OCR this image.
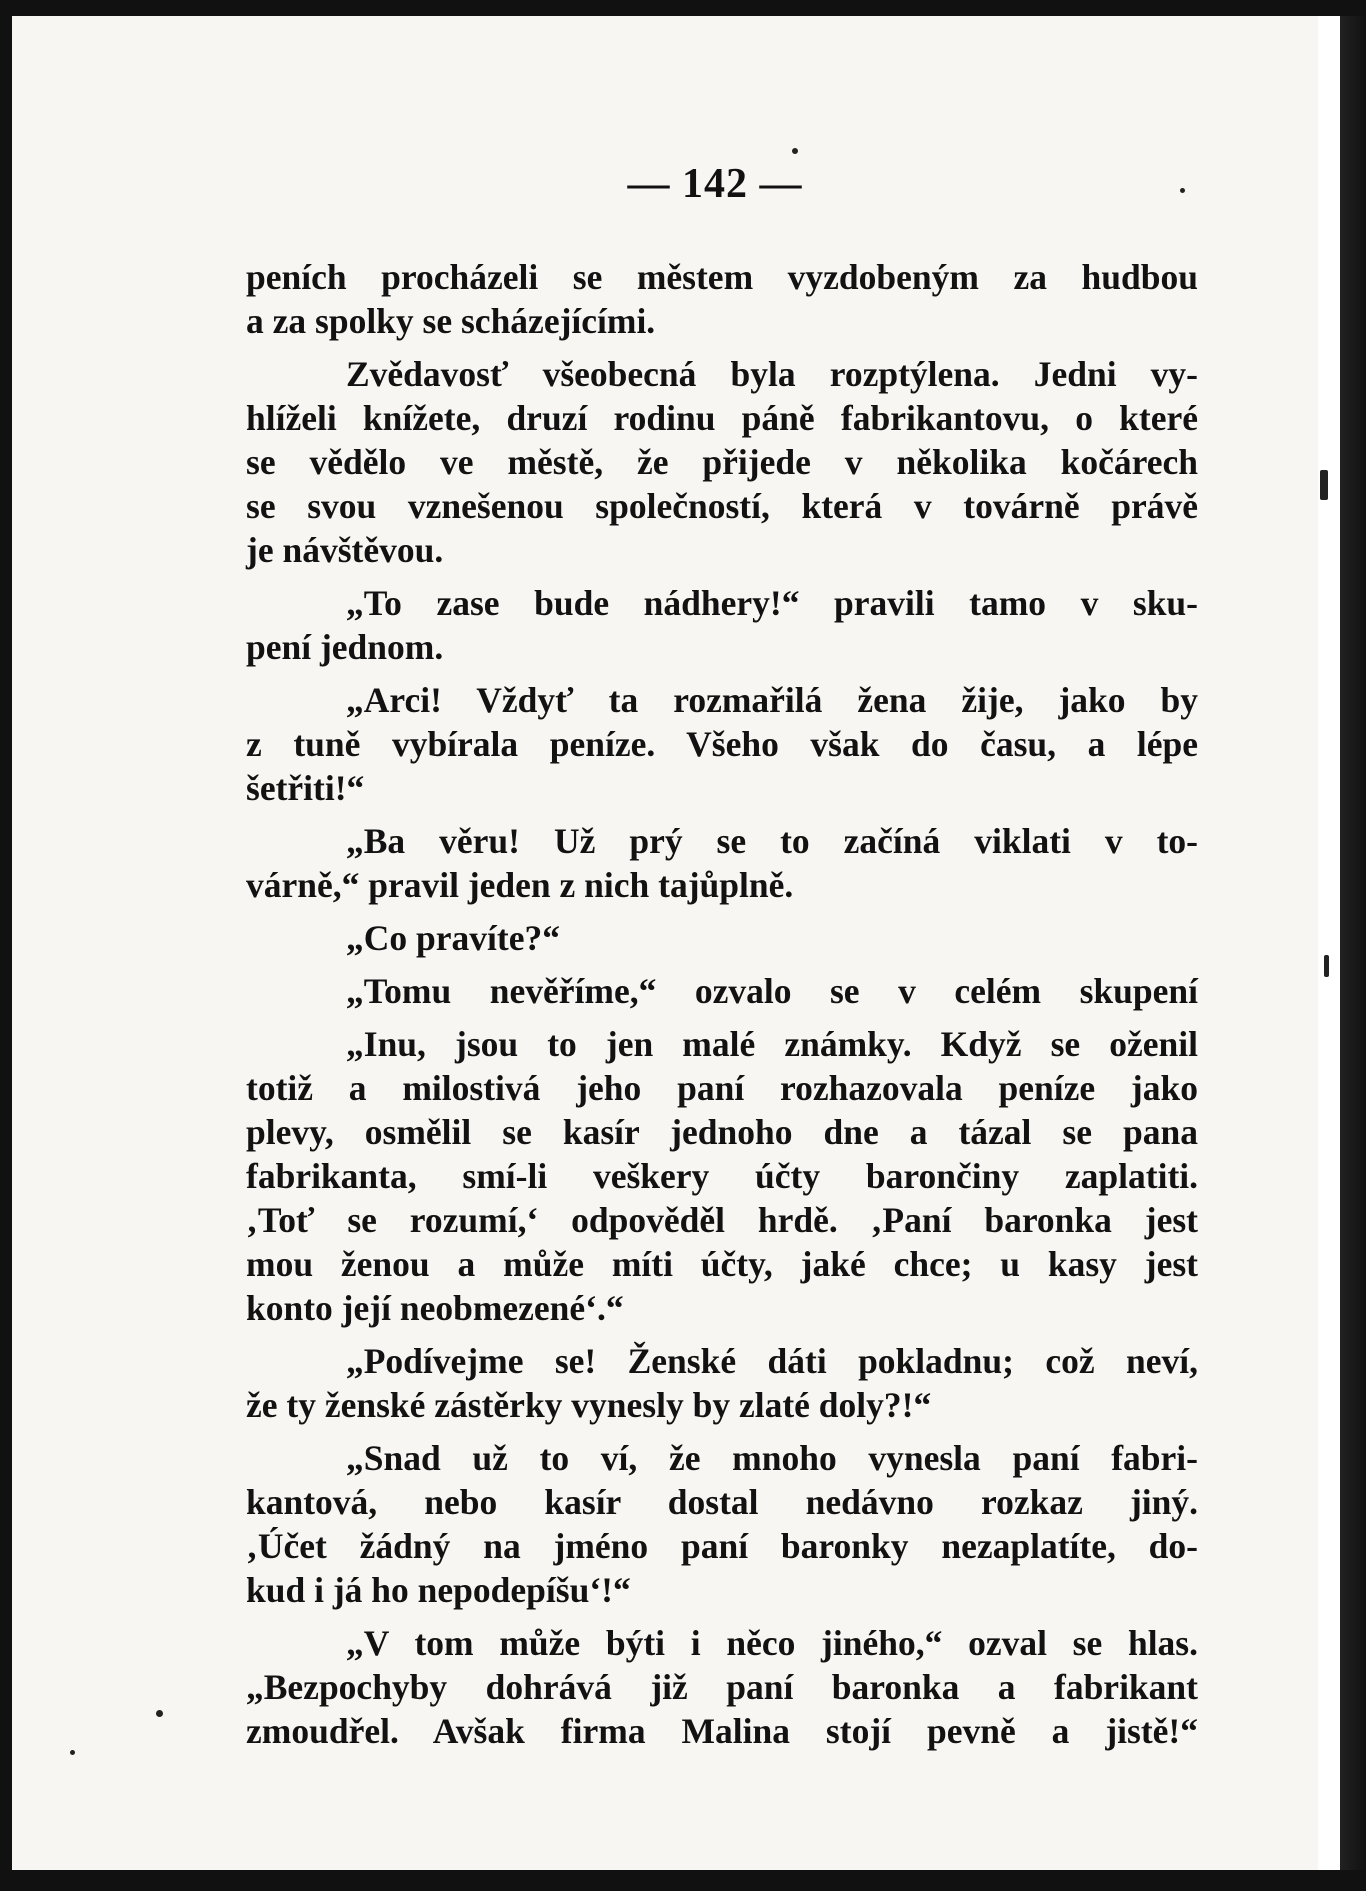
— 142 —
peních procházeli se městem vyzdobeným za hudbou
a za spolky se scházejícími.
Zvědavosť všeobecná byla rozptýlena. Jedni vy-
hlíželi knížete, druzí rodinu páně fabrikantovu, o které
se vědělo ve městě, že přijede v několika kočárech
se svou vznešenou společností, která v továrně právě
je návštěvou.
„To zase bude nádhery!“ pravili tamo v sku-
pení jednom.
„Arci! Vždyť ta rozmařilá žena žije, jako by
z tuně vybírala peníze. Všeho však do času, a lépe
šetřiti!“
„Ba věru! Už prý se to začíná viklati v to-
várně,“ pravil jeden z nich tajůplně.
„Co pravíte?“
„Tomu nevěříme,“ ozvalo se v celém skupení
„Inu, jsou to jen malé známky. Když se oženil
totiž a milostivá jeho paní rozhazovala peníze jako
plevy, osmělil se kasír jednoho dne a tázal se pana
fabrikanta, smí-li veškery účty barončiny zaplatiti.
‚Toť se rozumí,‘ odpověděl hrdě. ‚Paní baronka jest
mou ženou a může míti účty, jaké chce; u kasy jest
konto její neobmezené‘.“
„Podívejme se! Ženské dáti pokladnu; což neví,
že ty ženské zástěrky vynesly by zlaté doly?!“
„Snad už to ví, že mnoho vynesla paní fabri-
kantová, nebo kasír dostal nedávno rozkaz jiný.
‚Účet žádný na jméno paní baronky nezaplatíte, do-
kud i já ho nepodepíšu‘!“
„V tom může býti i něco jiného,“ ozval se hlas.
„Bezpochyby dohrává již paní baronka a fabrikant
zmoudřel. Avšak firma Malina stojí pevně a jistě!“
